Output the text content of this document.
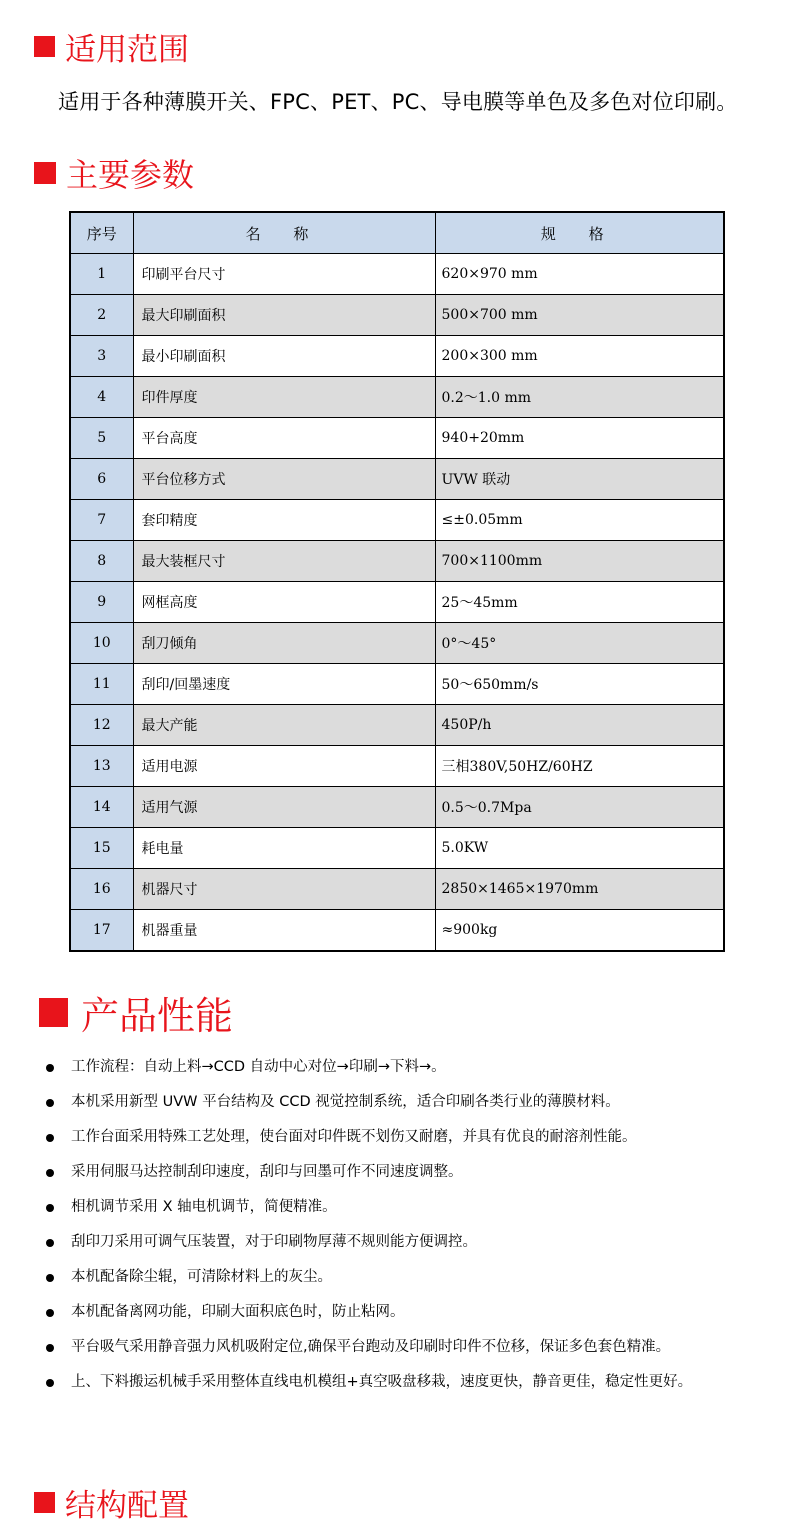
适用范围
适用于各种薄膜开关、FPC、PET、PC、导电膜等单色及多色对位印刷。
主要参数
序号	名 称	规 格
1	印刷平台尺寸	620×970 mm
2	最大印刷面积	500×700 mm
3	最小印刷面积	200×300 mm
4	印件厚度	0.2～1.0 mm
5	平台高度	940+20mm
6	平台位移方式	UVW 联动
7	套印精度	≤±0.05mm
8	最大装框尺寸	700×1100mm
9	网框高度	25～45mm
10	刮刀倾角	0°～45°
11	刮印/回墨速度	50～650mm/s
12	最大产能	450P/h
13	适用电源	三相380V,50HZ/60HZ
14	适用气源	0.5～0.7Mpa
15	耗电量	5.0KW
16	机器尺寸	2850×1465×1970mm
17	机器重量	≈900kg
产品性能
工作流程：自动上料→CCD 自动中心对位→印刷→下料→。
本机采用新型 UVW 平台结构及 CCD 视觉控制系统，适合印刷各类行业的薄膜材料。
工作台面采用特殊工艺处理，使台面对印件既不划伤又耐磨，并具有优良的耐溶剂性能。
采用伺服马达控制刮印速度，刮印与回墨可作不同速度调整。
相机调节采用 X 轴电机调节，简便精准。
刮印刀采用可调气压装置，对于印刷物厚薄不规则能方便调控。
本机配备除尘辊，可清除材料上的灰尘。
本机配备离网功能，印刷大面积底色时，防止粘网。
平台吸气采用静音强力风机吸附定位,确保平台跑动及印刷时印件不位移，保证多色套色精准。
上、下料搬运机械手采用整体直线电机模组+真空吸盘移栽，速度更快，静音更佳，稳定性更好。
结构配置
